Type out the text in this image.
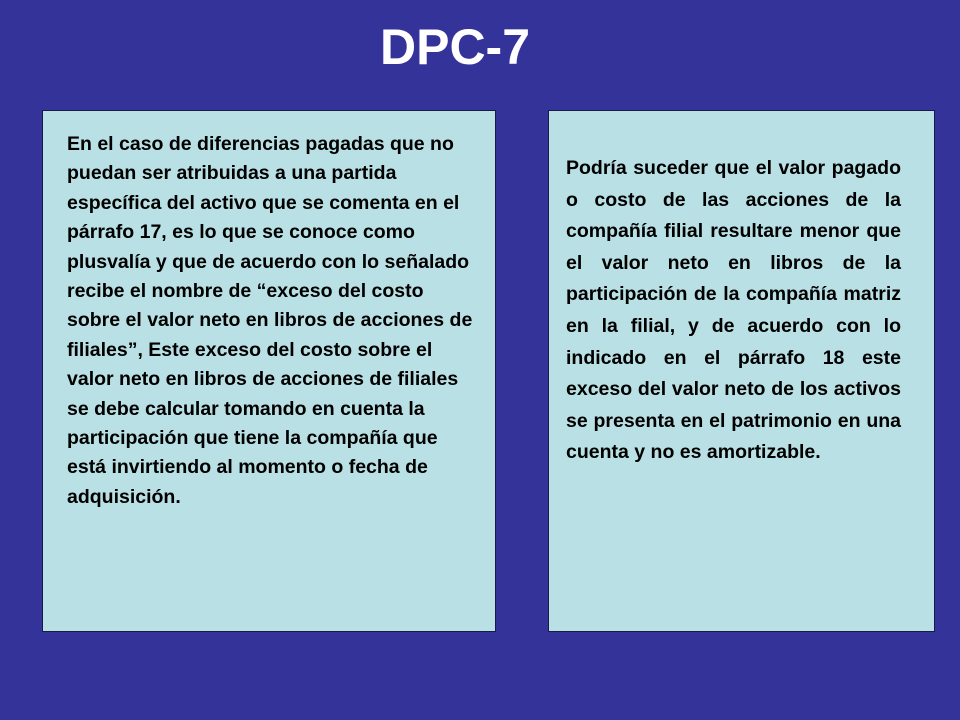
DPC-7

En el caso de diferencias pagadas que no puedan ser atribuidas a una partida específica del activo que se comenta en el párrafo 17, es lo que se conoce como plusvalía y que de acuerdo con lo señalado recibe el nombre de “exceso del costo sobre el valor neto en libros de acciones de filiales”, Este exceso del costo sobre el valor neto en libros de acciones de filiales se debe calcular tomando en cuenta la participación que tiene la compañía que está invirtiendo al momento o fecha de adquisición.

Podría suceder que el valor pagado o costo de las acciones de la compañía filial resultare menor que el valor neto en libros de la participación de la compañía matriz en la filial, y de acuerdo con lo indicado en el párrafo 18 este exceso del valor neto de los activos se presenta en el patrimonio en una cuenta y no es amortizable.
